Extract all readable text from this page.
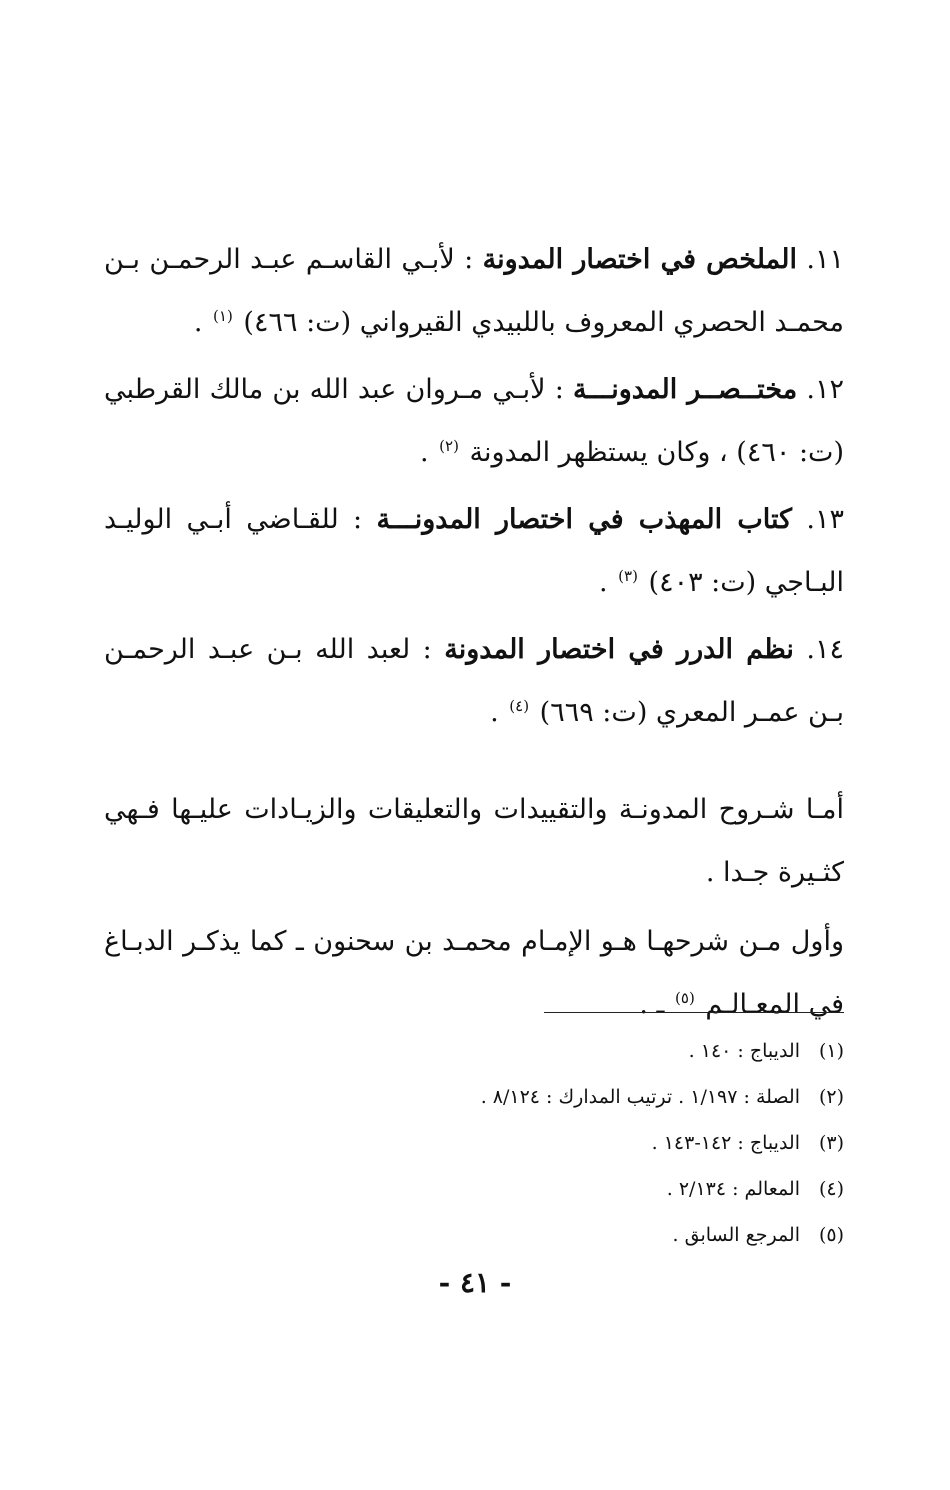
١١. الملخص في اختصار المدونة : لأبـي القاسـم عبـد الرحمـن بـن محمـد الحصري المعروف باللبيدي القيرواني (ت: ٤٦٦) $^{(١)}$ .

١٢. مختــصــر المدونـــة : لأبـي مـروان عبد الله بن مالك القرطبي (ت: ٤٦٠) ، وكان يستظهر المدونة $^{(٢)}$ .

١٣. كتاب المهذب في اختصار المدونـــة : للقـاضي أبـي الوليـد البـاجي (ت: ٤٠٣) $^{(٣)}$ .

١٤. نظم الدرر في اختصار المدونة : لعبد الله بـن عبـد الرحمـن بـن عمـر المعري (ت: ٦٦٩) $^{(٤)}$ .

أمـا شـروح المدونـة والتقييدات والتعليقات والزيـادات عليـها فـهي كثـيرة جـدا .

وأول مـن شرحهـا هـو الإمـام محمـد بن سحنون ـ كما يذكـر الدبـاغ في المعـالـم $^{(٥)}$ ـ .

(١)الديباج : ١٤٠ .
(٢)الصلة : ١/١٩٧ . ترتيب المدارك : ٨/١٢٤ .
(٣)الديباج : ١٤٢-١٤٣ .
(٤)المعالم : ٢/١٣٤ .
(٥)المرجع السابق .
- ٤١ -
